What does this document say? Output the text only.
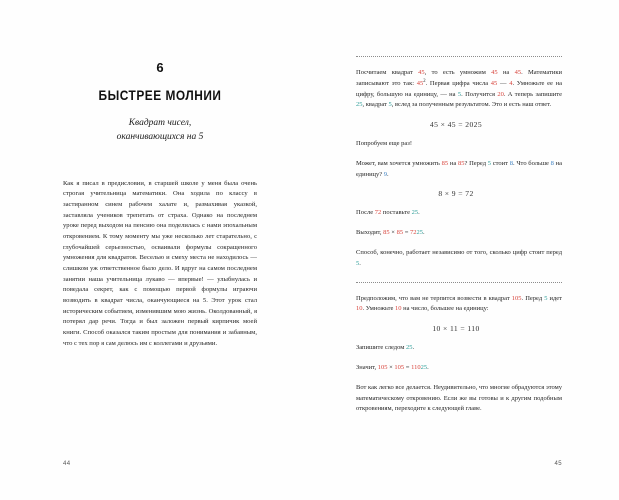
6
БЫСТРЕЕ МОЛНИИ
Квадрат чисел,
оканчивающихся на 5

Как я писал в предисловии, в старшей школе у меня была очень строгая учительница математики. Она ходила по классу в застиранном синем рабочем халате и, размахивая указкой, заставляла учеников трепетать от страха. Однако на последнем уроке перед выходом на пенсию она поделилась с нами эпохальным откровением. К тому моменту мы уже несколько лет старательно, с глубочайшей серьезностью, осваивали формулы сокращенного умножения для квадратов. Веселью и смеху места не находилось — слишком уж ответственное было дело. И вдруг на самом последнем занятии наша учительница лукаво — впервые! — улыбнулась и поведала секрет, как с помощью первой формулы играючи возводить в квадрат числа, оканчующиеся на 5. Этот урок стал историческим событием, изменившим мою жизнь. Околдованный, я потерял дар речи. Тогда и был заложен первый кирпичик моей книги. Способ оказался таким простым для понимания и забавным, что с тех пор я сам делюсь им с коллегами и друзьями.

44

Посчитаем квадрат 45, то есть умножим 45 на 45. Математики записывают это так: $45^2$. Первая цифра числа 45 — 4. Умножьте ее на цифру, большую на единицу, — на 5. Получится 20. А теперь запишите 25, квадрат 5, вслед за полученным результатом. Это и есть наш ответ.

45 × 45 = 2025

Попробуем еще раз!

Может, вам хочется умножить 85 на 85? Перед 5 стоит 8. Что больше 8 на единицу? 9.

8 × 9 = 72

После 72 поставьте 25.

Выходит, 85 × 85 = 7225.

Способ, конечно, работает независимо от того, сколько цифр стоит перед 5.

Предположим, что вам не терпится возвести в квадрат 105. Перед 5 идет 10. Умножьте 10 на число, большее на единицу:

10 × 11 = 110

Запишите следом 25.

Значит, 105 × 105 = 11025.

Вот как легко все делается. Неудивительно, что многие обрадуются этому математическому откровению. Если же вы готовы и к другим подобным откровениям, переходите к следующей главе.

45
